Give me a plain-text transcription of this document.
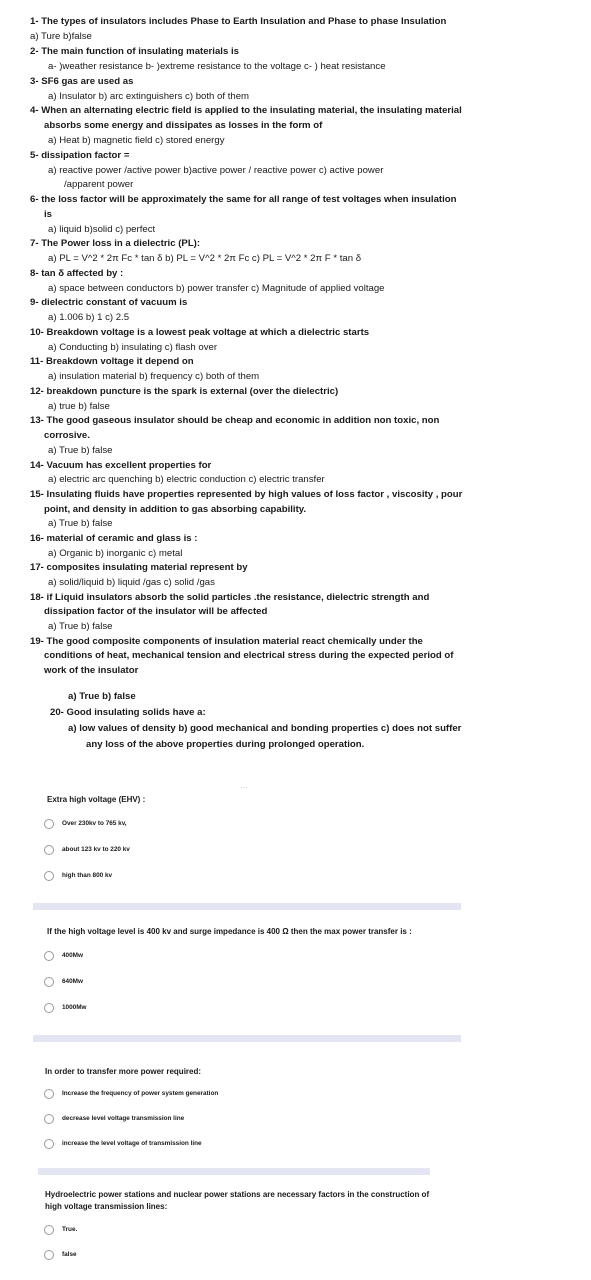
1- The types of insulators includes Phase to Earth Insulation and Phase to phase Insulation
a) Ture b)false
2- The main function of insulating materials is
a- )weather resistance b- )extreme resistance to the voltage c- ) heat resistance
3- SF6 gas are used as
a) Insulator b) arc extinguishers c) both of them
4- When an alternating electric field is applied to the insulating material, the insulating material
absorbs some energy and dissipates as losses in the form of
a) Heat b) magnetic field c) stored energy
5- dissipation factor =
a) reactive power /active power b)active power / reactive power c) active power
/apparent power
6- the loss factor will be approximately the same for all range of test voltages when insulation
is
a) liquid b)solid c) perfect
7- The Power loss in a dielectric (PL):
a) PL = V^2 * 2π Fc * tan δ b) PL = V^2 * 2π Fc c) PL = V^2 * 2π F * tan δ
8- tan δ affected by :
a) space between conductors b) power transfer c) Magnitude of applied voltage
9- dielectric constant of vacuum is
a) 1.006 b) 1 c) 2.5
10- Breakdown voltage is a lowest peak voltage at which a dielectric starts
a) Conducting b) insulating c) flash over
11- Breakdown voltage it depend on
a) insulation material b) frequency c) both of them
12- breakdown puncture is the spark is external (over the dielectric)
a) true b) false
13- The good gaseous insulator should be cheap and economic in addition non toxic, non
corrosive.
a) True b) false
14- Vacuum has excellent properties for
a) electric arc quenching b) electric conduction c) electric transfer
15- Insulating fluids have properties represented by high values of loss factor , viscosity , pour
point, and density in addition to gas absorbing capability.
a) True b) false
16- material of ceramic and glass is :
a) Organic b) inorganic c) metal
17- composites insulating material represent by
a) solid/liquid b) liquid /gas c) solid /gas
18- if Liquid insulators absorb the solid particles .the resistance, dielectric strength and
dissipation factor of the insulator will be affected
a) True b) false
19- The good composite components of insulation material react chemically under the
conditions of heat, mechanical tension and electrical stress during the expected period of
work of the insulator
a) True b) false
20- Good insulating solids have a:
a) low values of density b) good mechanical and bonding properties c) does not suffer
any loss of the above properties during prolonged operation.
···
Extra high voltage (EHV) :
Over 230kv to 765 kv,
about 123 kv to 220 kv
high than 800 kv
If the high voltage level is 400 kv and surge impedance is 400 Ω then the max power transfer is :
400Mw
640Mw
1000Mw
In order to transfer more power required:
Increase the frequency of power system generation
decrease level voltage transmission line
increase the level voltage of transmission line
Hydroelectric power stations and nuclear power stations are necessary factors in the construction of
high voltage transmission lines:
True.
false
